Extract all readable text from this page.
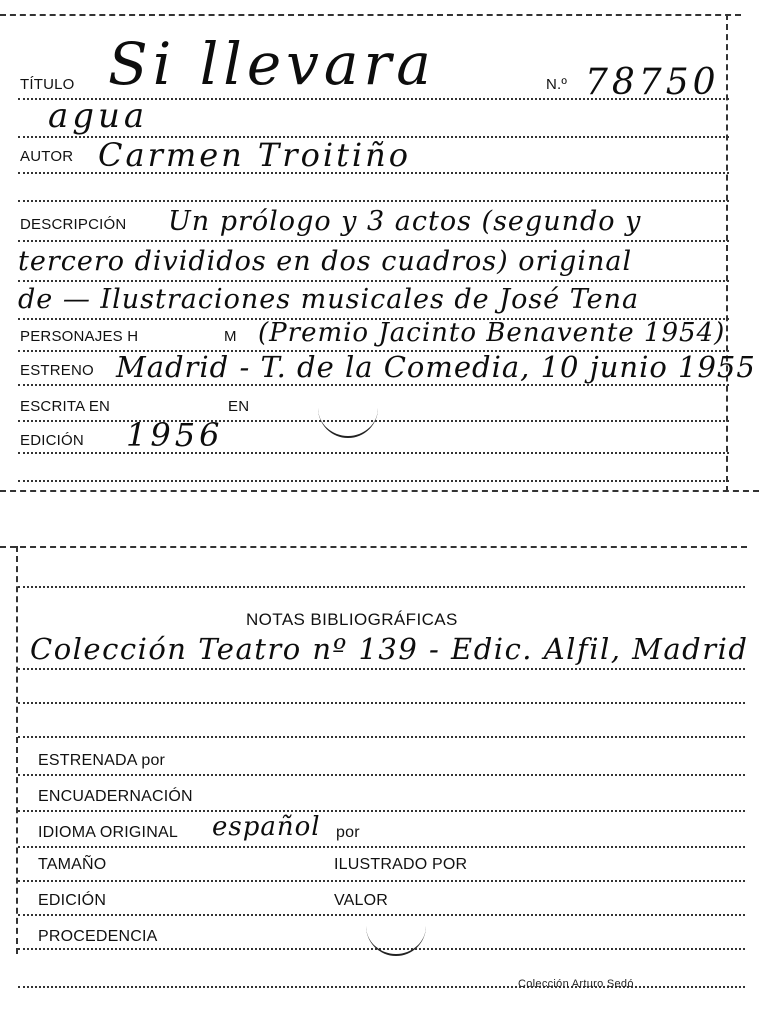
TÍTULO Si llevara	N.º 78750
agua
AUTOR Carmen Troitiño
DESCRIPCIÓN Un prólogo y 3 actos (segundo y
tercero divididos en dos cuadros) original
de — Ilustraciones musicales de José Tena
PERSONAJES H	M (Premio Jacinto Benavente 1954)
ESTRENO Madrid - T. de la Comedia, 10 junio 1955
ESCRITA EN	EN
EDICIÓN 1956
NOTAS BIBLIOGRÁFICAS
Colección Teatro nº 139 - Edic. Alfil, Madrid
ESTRENADA por
ENCUADERNACIÓN
IDIOMA ORIGINAL español por
TAMAÑO	ILUSTRADO POR
EDICIÓN	VALOR
PROCEDENCIA
Colección Arturo Sedó
